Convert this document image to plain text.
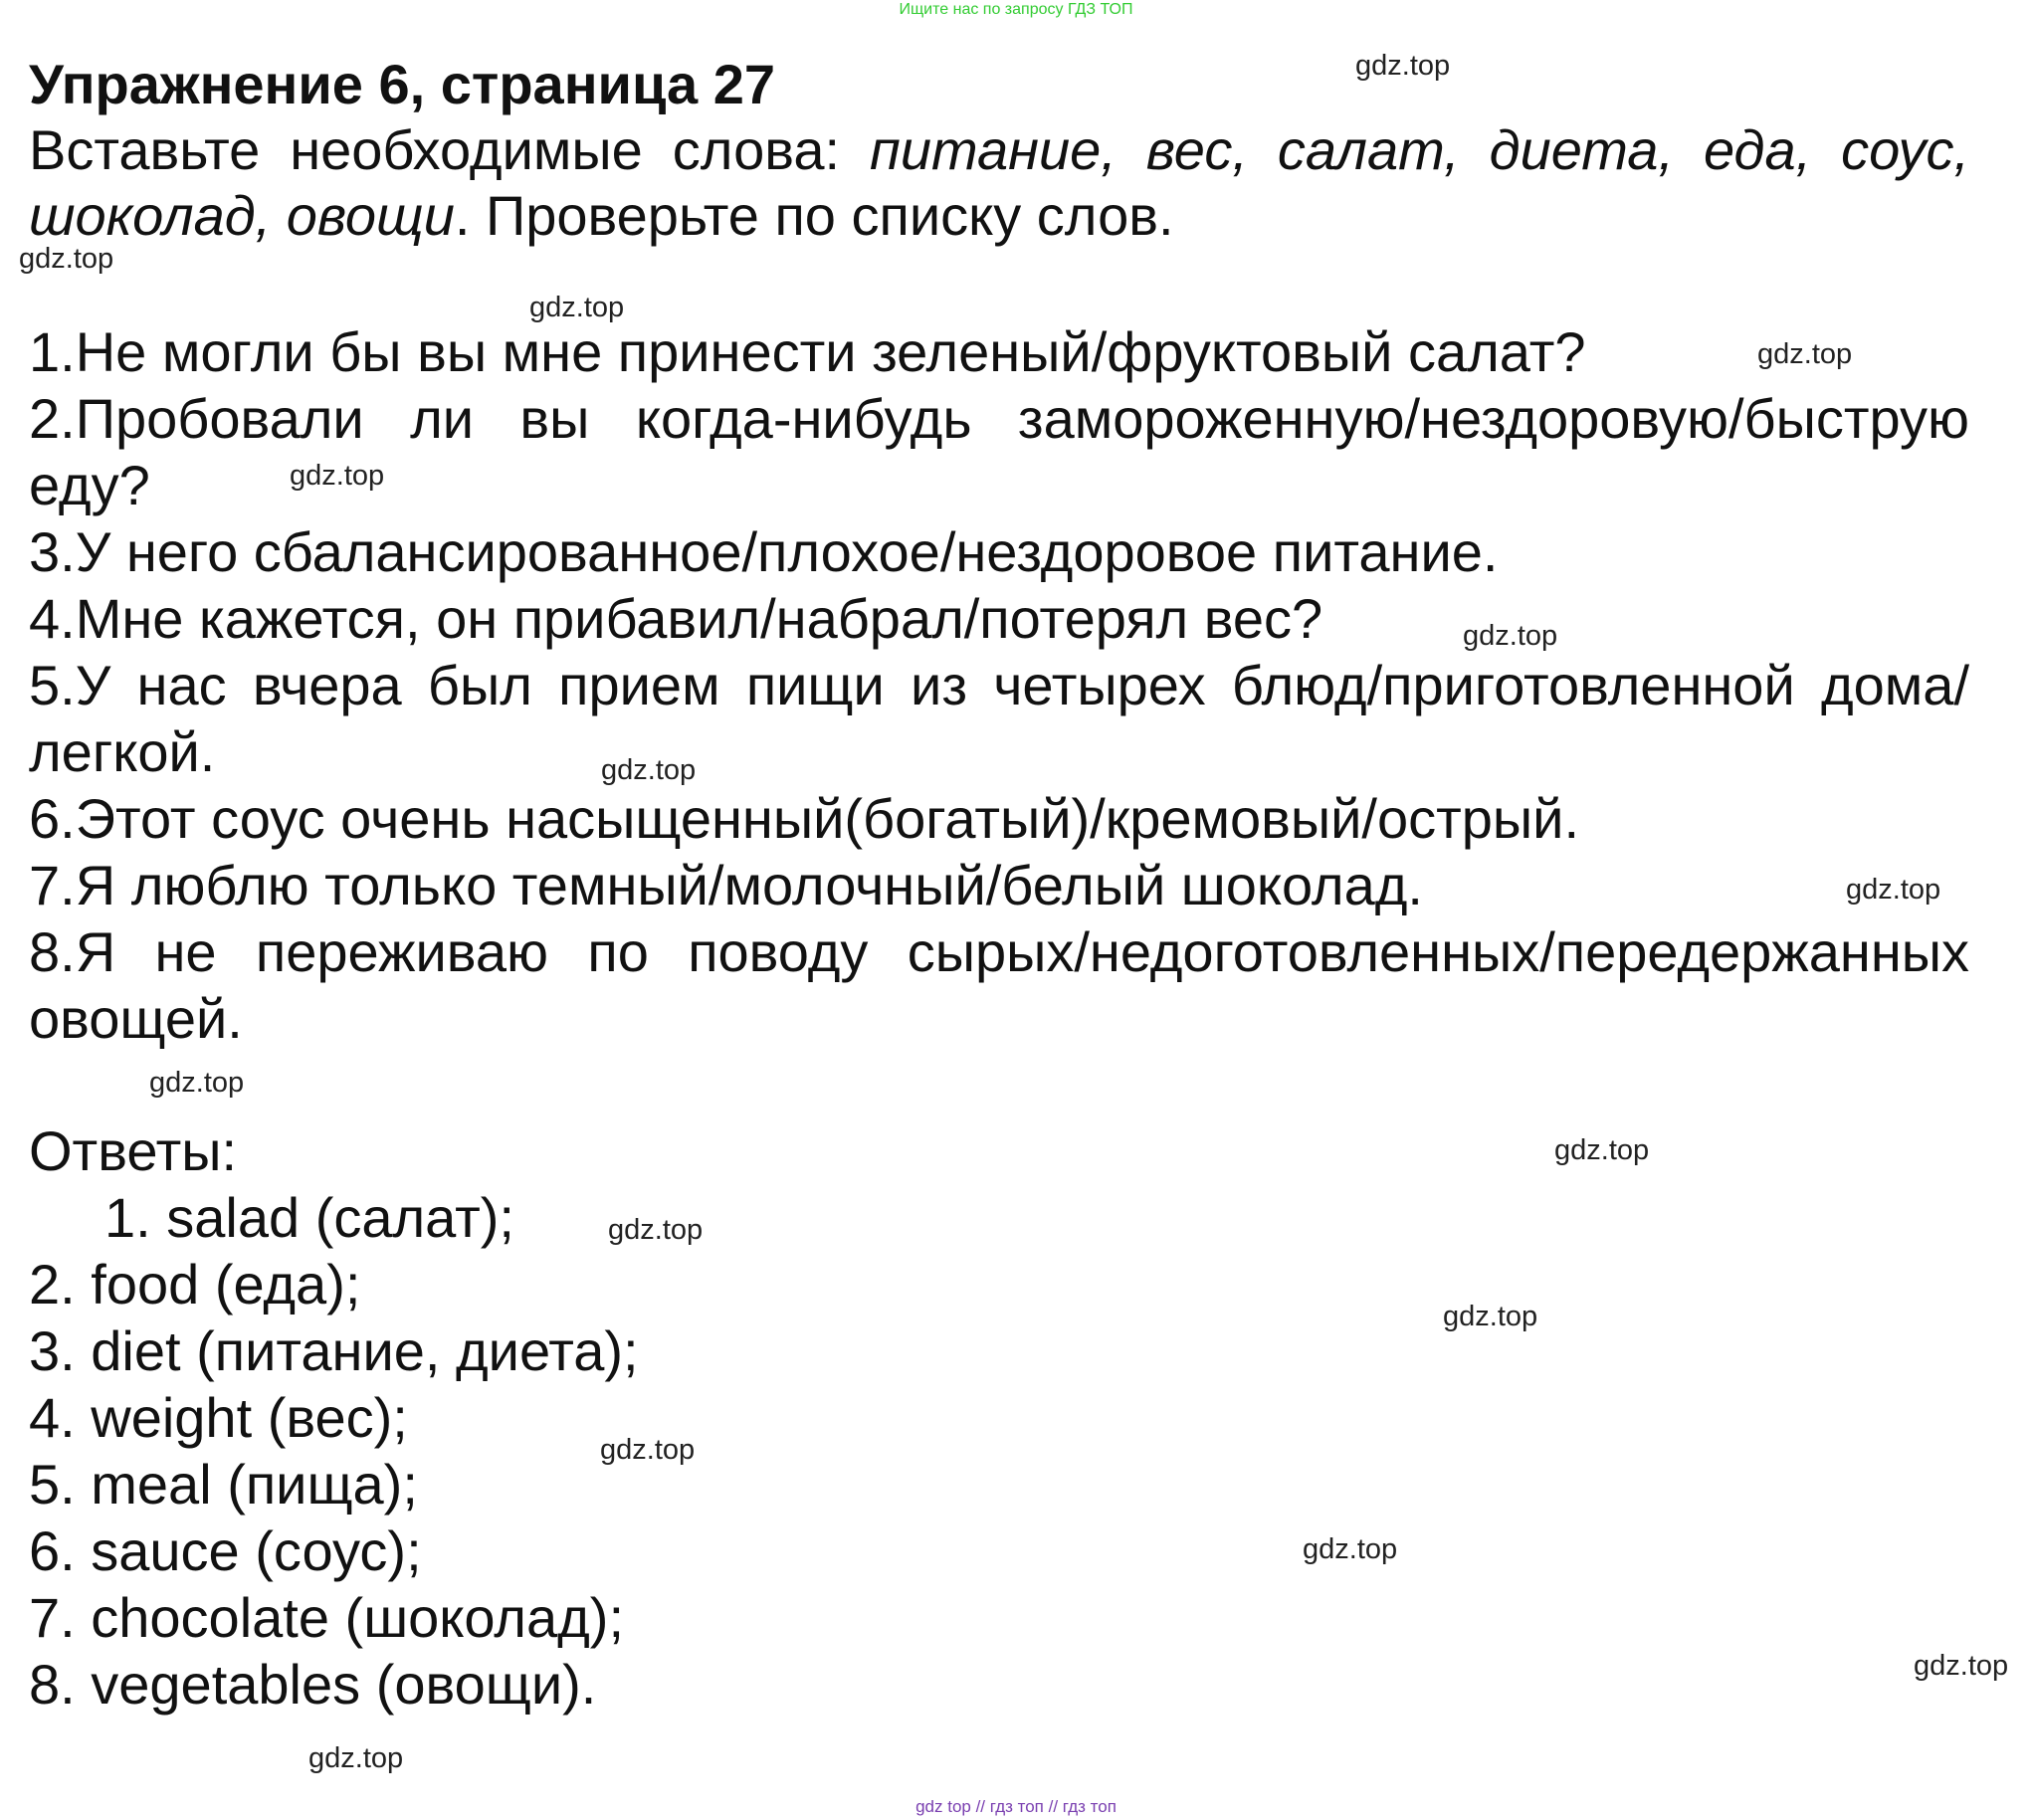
Ищите нас по запросу ГДЗ ТОП
Упражнение 6, страница 27

Вставьте необходимые слова: питание, вес, салат, диета, еда, соус, шоколад, овощи. Проверьте по списку слов.

1.Не могли бы вы мне принести зеленый/фруктовый салат?
2.Пробовали ли вы когда-нибудь замороженную/нездоровую/быструю еду?
3.У него сбалансированное/плохое/нездоровое питание.
4.Мне кажется, он прибавил/набрал/потерял вес?
5.У нас вчера был прием пищи из четырех блюд/приготовленной дома/легкой.
6.Этот соус очень насыщенный(богатый)/кремовый/острый.
7.Я люблю только темный/молочный/белый шоколад.
8.Я не переживаю по поводу сырых/недоготовленных/передержанных овощей.
Ответы:
1. salad (салат);
2. food (еда);
3. diet (питание, диета);
4. weight (вес);
5. meal (пища);
6. sauce (соус);
7. chocolate (шоколад);
8. vegetables (овощи).
gdz.top
gdz.top
gdz.top
gdz.top
gdz.top
gdz.top
gdz.top
gdz.top
gdz.top
gdz.top
gdz.top
gdz.top
gdz.top
gdz.top
gdz.top
gdz.top
gdz top // гдз топ // гдз топ
